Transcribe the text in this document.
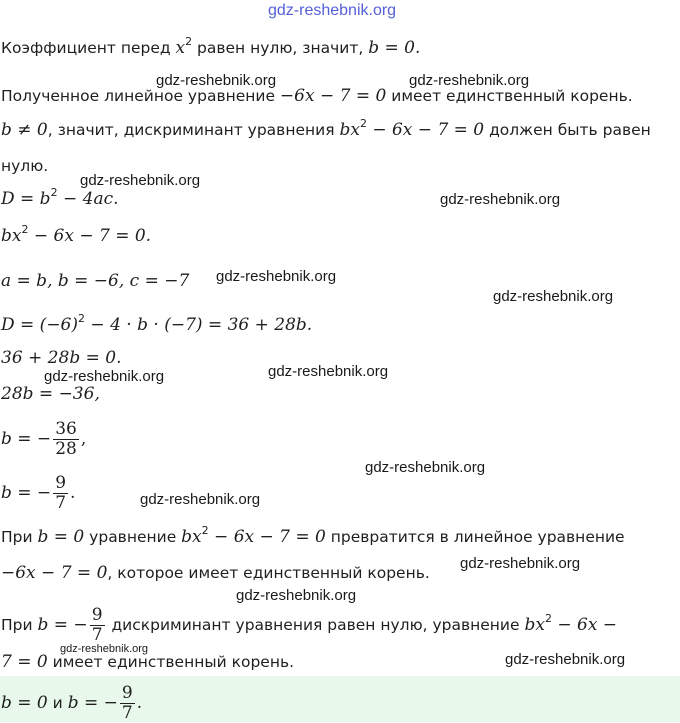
gdz-reshebnik.org
gdz-reshebnik.org	gdz-reshebnik.org
gdz-reshebnik.org
gdz-reshebnik.org
gdz-reshebnik.org
gdz-reshebnik.org
gdz-reshebnik.org	gdz-reshebnik.org
gdz-reshebnik.org
gdz-reshebnik.org
gdz-reshebnik.org
gdz-reshebnik.org
gdz-reshebnik.org
gdz-reshebnik.org
Коэффициент перед $x^2$ равен нулю, значит, b = 0.
Полученное линейное уравнение −6x − 7 = 0 имеет единственный корень.
b ≠ 0, значит, дискриминант уравнения $bx^2 - 6x - 7 = 0$ должен быть равен
нулю.
$D = b^2 - 4ac$.
$bx^2 - 6x - 7 = 0$.
a = b, b = −6, c = −7
$D = (-6)^2 - 4 \cdot b \cdot (-7) = 36 + 28b$.
36 + 28b = 0.
28b = −36,
b = − $\frac{36}{28}$ ,
b = − $\frac{9}{7}$ .
При b = 0 уравнение $bx^2 - 6x - 7 = 0$ превратится в линейное уравнение
−6x − 7 = 0, которое имеет единственный корень.
При b = − $\frac{9}{7}$ дискриминант уравнения равен нулю, уравнение $bx^2 - 6x$ −
7 = 0 имеет единственный корень.
b = 0 и b = − $\frac{9}{7}$ .
